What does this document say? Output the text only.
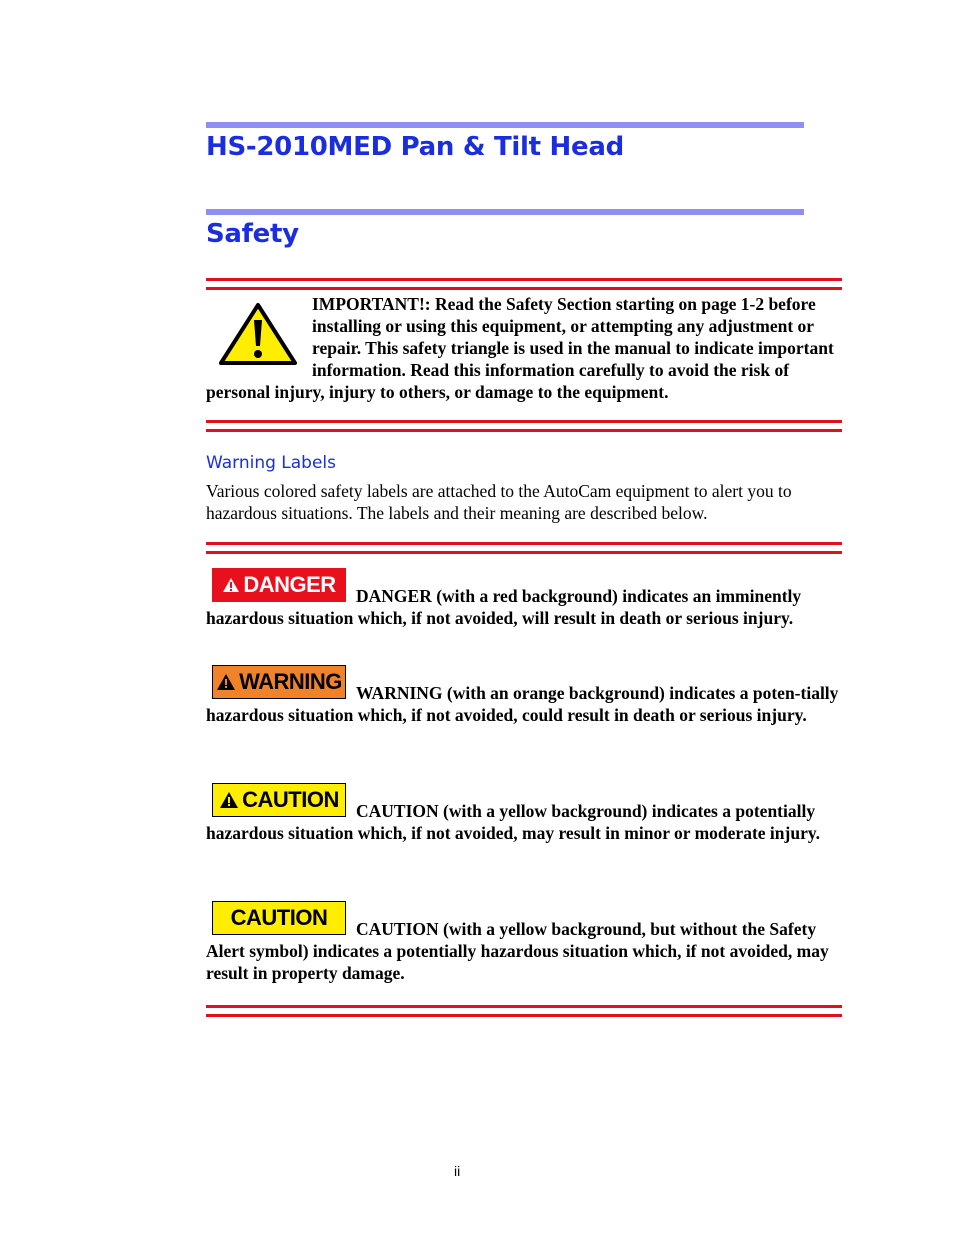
HS-2010MED Pan & Tilt Head
Safety
IMPORTANT!: Read the Safety Section starting on page 1-2 before installing or using this equipment, or attempting any adjustment or repair. This safety triangle is used in the manual to indicate important information. Read this information carefully to avoid the risk of personal injury, injury to others, or damage to the equipment.
Warning Labels
Various colored safety labels are attached to the AutoCam equipment to alert you to hazardous situations. The labels and their meaning are described below.
DANGER	DANGER (with a red background) indicates an imminently hazardous situation which, if not avoided, will result in death or serious injury.
WARNING WARNING (with an orange background) indicates a poten-tially hazardous situation which, if not avoided, could result in death or serious injury.
CAUTION CAUTION (with a yellow background) indicates a potentially hazardous situation which, if not avoided, may result in minor or moderate injury.
CAUTION	CAUTION (with a yellow background, but without the Safety Alert symbol) indicates a potentially hazardous situation which, if not avoided, may result in property damage.
ii
